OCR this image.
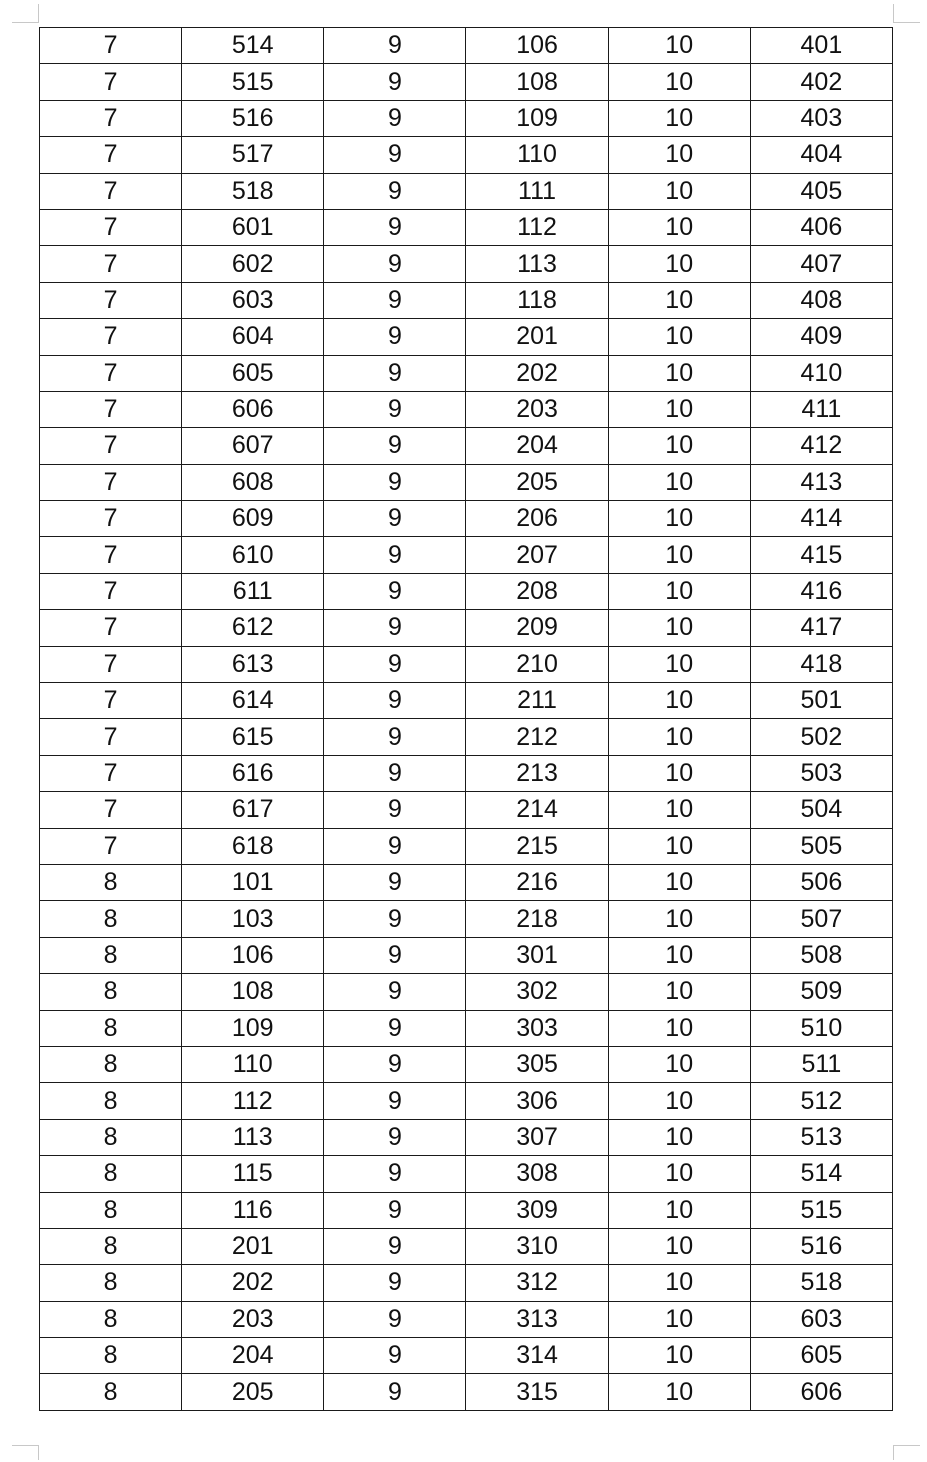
7	514	9	106	10	401
7	515	9	108	10	402
7	516	9	109	10	403
7	517	9	110	10	404
7	518	9	111	10	405
7	601	9	112	10	406
7	602	9	113	10	407
7	603	9	118	10	408
7	604	9	201	10	409
7	605	9	202	10	410
7	606	9	203	10	411
7	607	9	204	10	412
7	608	9	205	10	413
7	609	9	206	10	414
7	610	9	207	10	415
7	611	9	208	10	416
7	612	9	209	10	417
7	613	9	210	10	418
7	614	9	211	10	501
7	615	9	212	10	502
7	616	9	213	10	503
7	617	9	214	10	504
7	618	9	215	10	505
8	101	9	216	10	506
8	103	9	218	10	507
8	106	9	301	10	508
8	108	9	302	10	509
8	109	9	303	10	510
8	110	9	305	10	511
8	112	9	306	10	512
8	113	9	307	10	513
8	115	9	308	10	514
8	116	9	309	10	515
8	201	9	310	10	516
8	202	9	312	10	518
8	203	9	313	10	603
8	204	9	314	10	605
8	205	9	315	10	606
